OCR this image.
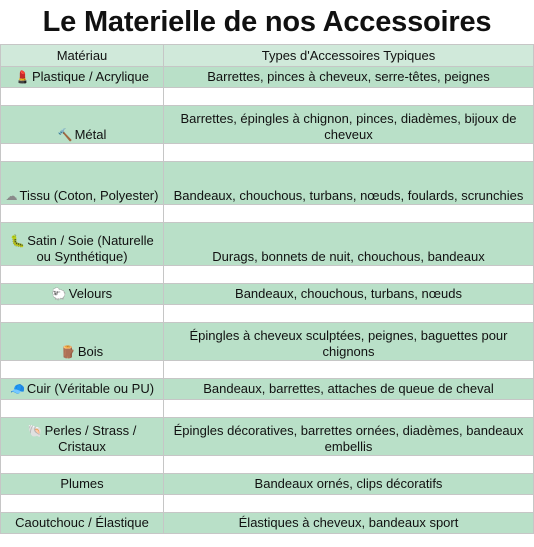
Le Materielle de nos Accessoires
Matériau	Types d'Accessoires Typiques
💄 Plastique / Acrylique	Barrettes, pinces à cheveux, serre-têtes, peignes

🔨 Métal	Barrettes, épingles à chignon, pinces, diadèmes, bijoux de cheveux

☁ Tissu (Coton, Polyester)	Bandeaux, chouchous, turbans, nœuds, foulards, scrunchies

🐛 Satin / Soie (Naturelle ou Synthétique)	Durags, bonnets de nuit, chouchous, bandeaux

🐑 Velours	Bandeaux, chouchous, turbans, nœuds

🪵 Bois	Épingles à cheveux sculptées, peignes, baguettes pour chignons

🧢 Cuir (Véritable ou PU)	Bandeaux, barrettes, attaches de queue de cheval

🐚 Perles / Strass / Cristaux	Épingles décoratives, barrettes ornées, diadèmes, bandeaux embellis

Plumes	Bandeaux ornés, clips décoratifs

Caoutchouc / Élastique	Élastiques à cheveux, bandeaux sport
